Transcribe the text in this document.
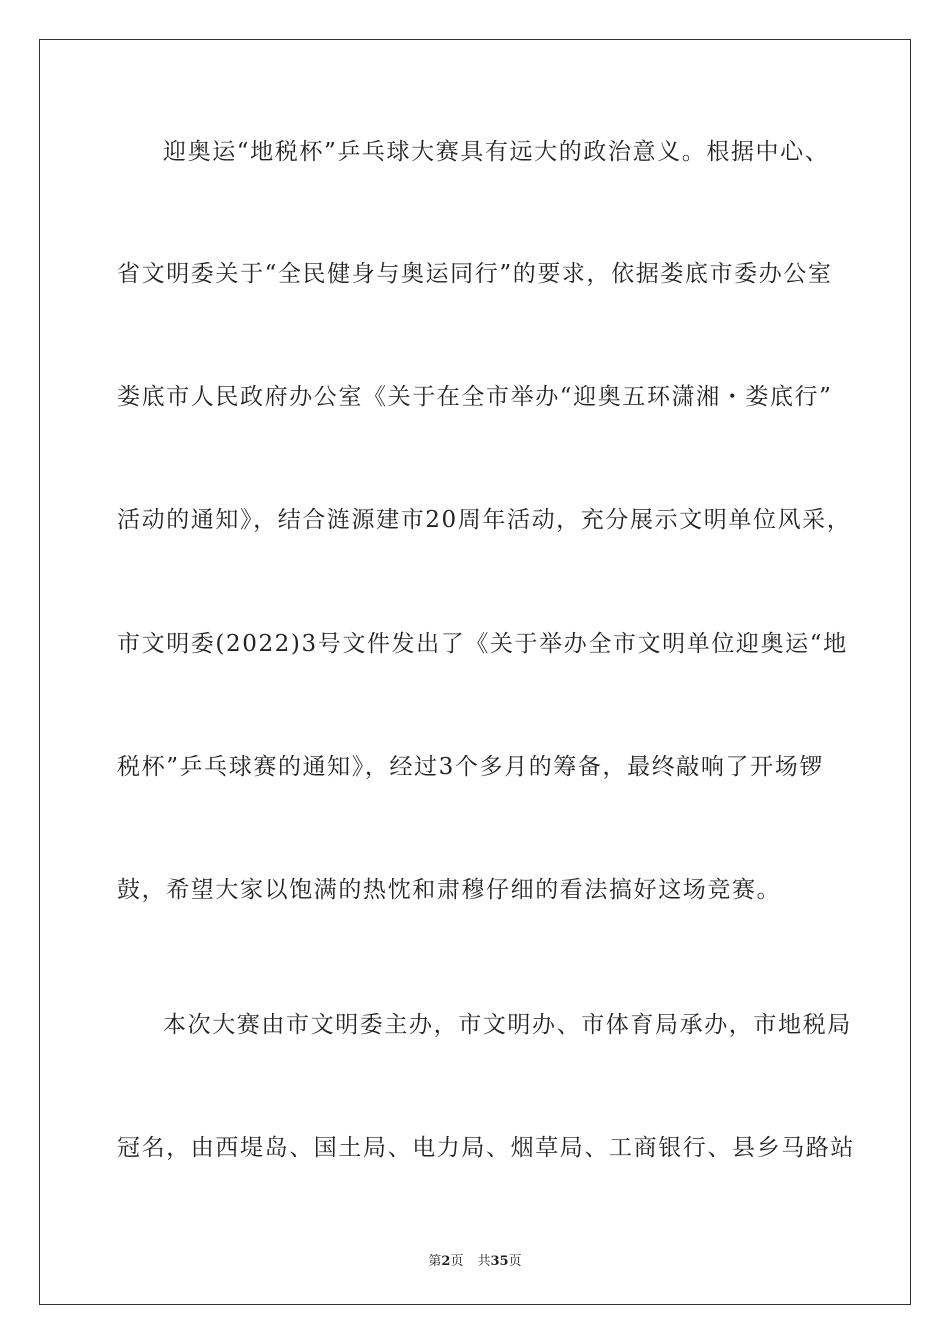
迎奥运“地税杯”乒乓球大赛具有远大的政治意义。根据中心、
省文明委关于“全民健身与奥运同行”的要求，依据娄底市委办公室
娄底市人民政府办公室《关于在全市举办“迎奥五环潇湘・娄底行”
活动的通知》，结合涟源建市20周年活动，充分展示文明单位风采，
市文明委(2022)3号文件发出了《关于举办全市文明单位迎奥运“地
税杯”乒乓球赛的通知》，经过3个多月的筹备，最终敲响了开场锣
鼓，希望大家以饱满的热忱和肃穆仔细的看法搞好这场竞赛。
本次大赛由市文明委主办，市文明办、市体育局承办，市地税局
冠名，由西堤岛、国土局、电力局、烟草局、工商银行、县乡马路站
第2页 共35页
